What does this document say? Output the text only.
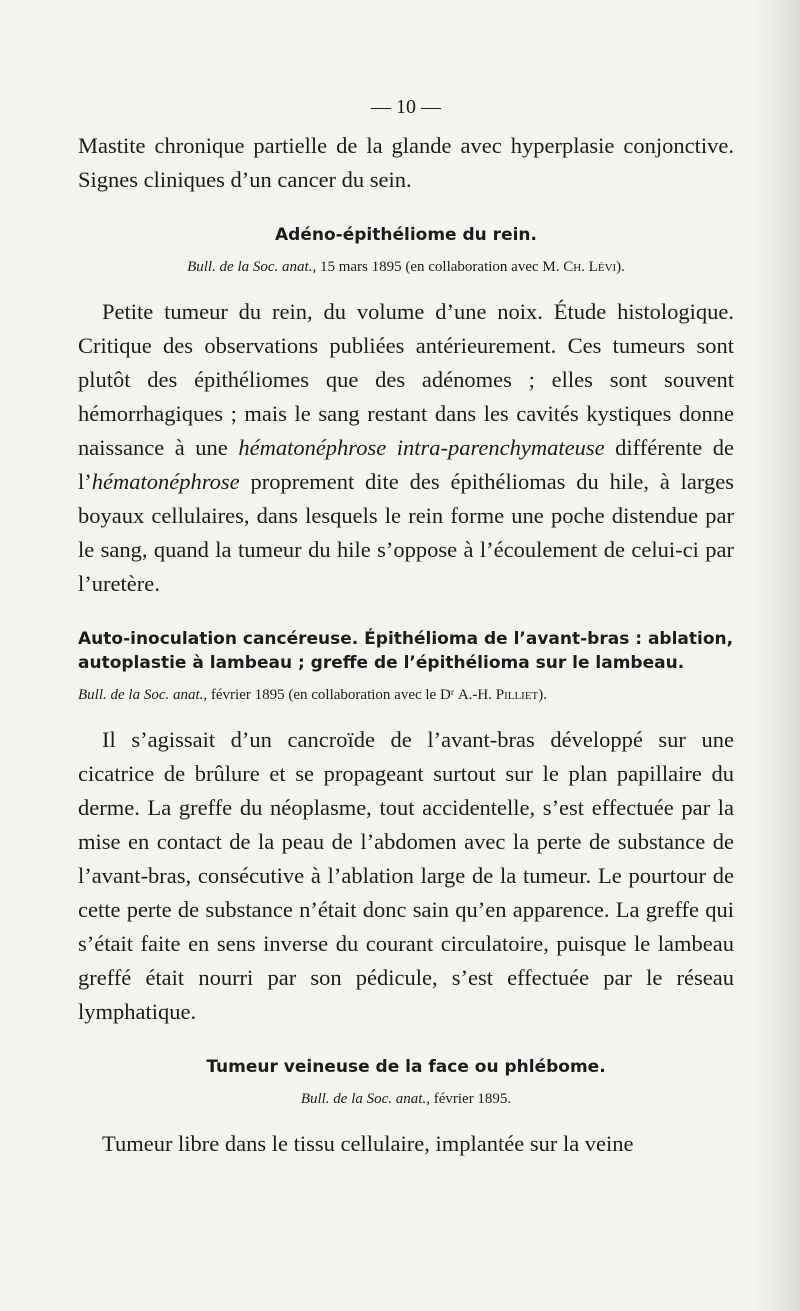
— 10 —

Mastite chronique partielle de la glande avec hyperplasie conjonctive. Signes cliniques d’un cancer du sein.

Adéno-épithéliome du rein.

Bull. de la Soc. anat., 15 mars 1895 (en collaboration avec M. Ch. Lévi).

Petite tumeur du rein, du volume d’une noix. Étude histologique. Critique des observations publiées antérieurement. Ces tumeurs sont plutôt des épithéliomes que des adénomes ; elles sont souvent hémorrhagiques ; mais le sang restant dans les cavités kystiques donne naissance à une hématonéphrose intra-parenchymateuse différente de l’hématonéphrose proprement dite des épithéliomas du hile, à larges boyaux cellulaires, dans lesquels le rein forme une poche distendue par le sang, quand la tumeur du hile s’oppose à l’écoulement de celui-ci par l’uretère.

Auto-inoculation cancéreuse. Épithélioma de l’avant-bras : ablation, autoplastie à lambeau ; greffe de l’épithélioma sur le lambeau.

Bull. de la Soc. anat., février 1895 (en collaboration avec le Dʳ A.-H. Pilliet).

Il s’agissait d’un cancroïde de l’avant-bras développé sur une cicatrice de brûlure et se propageant surtout sur le plan papillaire du derme. La greffe du néoplasme, tout accidentelle, s’est effectuée par la mise en contact de la peau de l’abdomen avec la perte de substance de l’avant-bras, consécutive à l’ablation large de la tumeur. Le pourtour de cette perte de substance n’était donc sain qu’en apparence. La greffe qui s’était faite en sens inverse du courant circulatoire, puisque le lambeau greffé était nourri par son pédicule, s’est effectuée par le réseau lymphatique.

Tumeur veineuse de la face ou phlébome.

Bull. de la Soc. anat., février 1895.

Tumeur libre dans le tissu cellulaire, implantée sur la veine
